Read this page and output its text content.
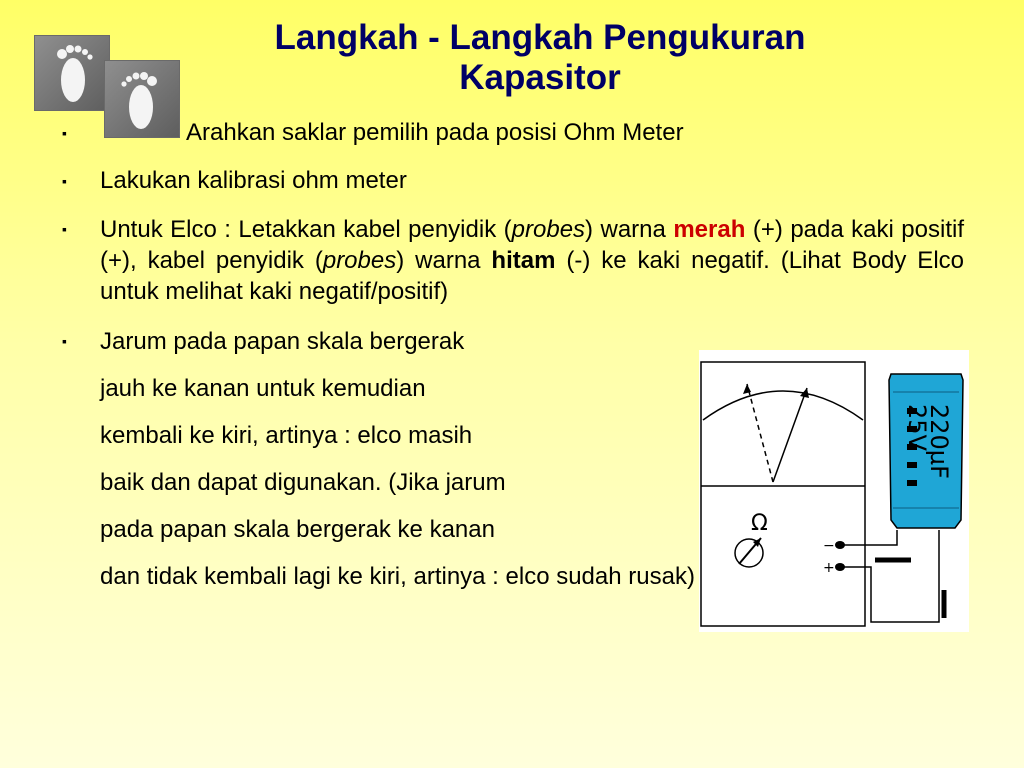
Langkah - Langkah Pengukuran
Kapasitor

▪	Arahkan saklar pemilih pada posisi Ohm Meter

▪	Lakukan kalibrasi ohm meter

▪	Untuk Elco : Letakkan kabel penyidik (probes) warna merah (+) pada kaki positif (+), kabel penyidik (probes) warna hitam (-) ke kaki negatif. (Lihat Body Elco untuk melihat kaki negatif/positif)

▪	Jarum pada papan skala bergerak

jauh ke kanan untuk kemudian

kembali ke kiri, artinya : elco masih

baik dan dapat digunakan. (Jika jarum

pada papan skala bergerak ke kanan

dan tidak kembali lagi ke kiri, artinya : elco sudah rusak)

Ω
−
+
220µF
25V
